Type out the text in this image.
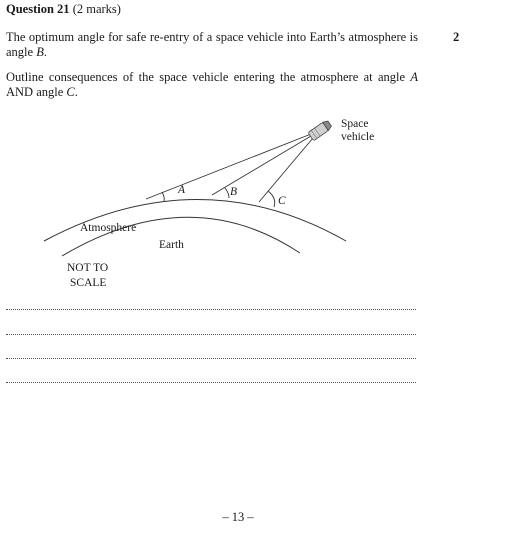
Question 21 (2 marks)
2
The optimum angle for safe re-entry of a space vehicle into Earth’s atmosphere is angle B.
Outline consequences of the space vehicle entering the atmosphere at angle A AND angle C.
Space
vehicle
A	B
C
Atmosphere
Earth
NOT TO
SCALE
– 13 –
